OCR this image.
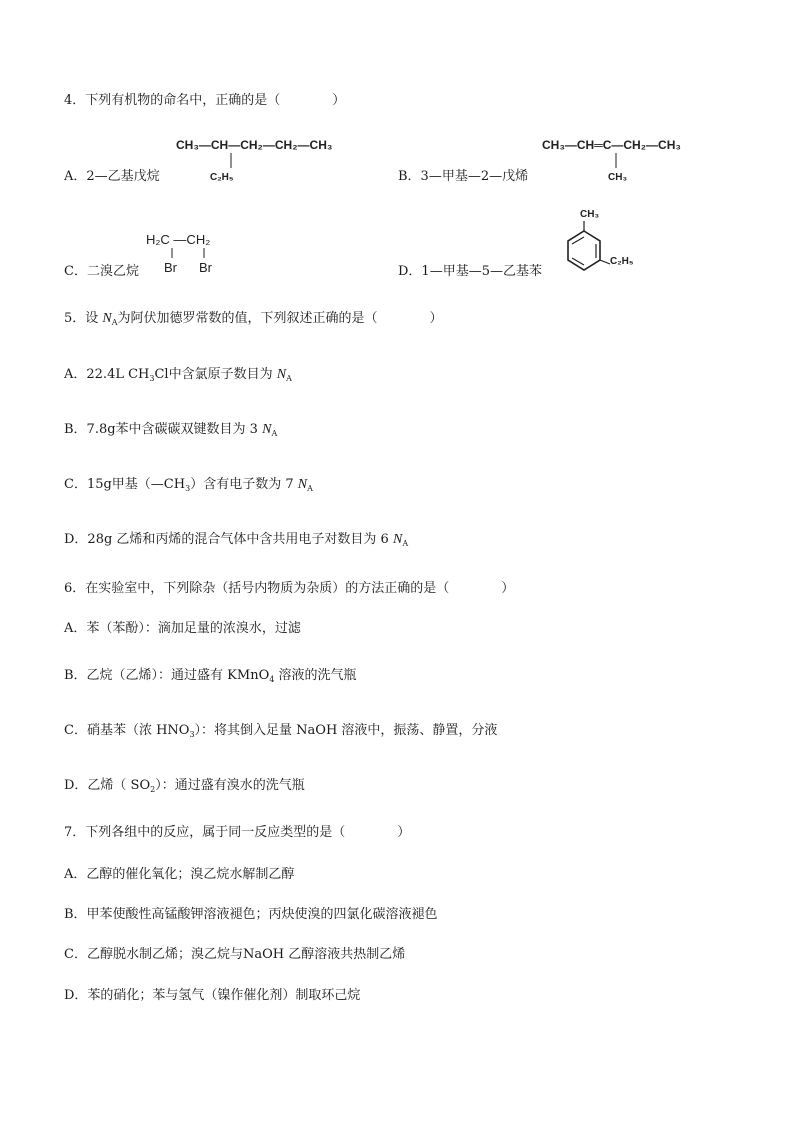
4．下列有机物的命名中，正确的是（　　　　）
CH₃—CH—CH₂—CH₂—CH₃
C₂H₅
A．2—乙基戊烷
CH₃—CH═C—CH₂—CH₃
CH₃
B．3—甲基—2—戊烯
H₂C —CH₂
Br Br
C．二溴乙烷
CH₃
C₂H₅
D．1—甲基—5—乙基苯
5．设 $N_A$为阿伏加德罗常数的值，下列叙述正确的是（　　　　）
A．22.4L $CH_3Cl$中含氯原子数目为 $N_A$
B．7.8g苯中含碳碳双键数目为 3 $N_A$
C．15g甲基$(—CH_3)$含有电子数为 7 $N_A$
D．28g 乙烯和丙烯的混合气体中含共用电子对数目为 6 $N_A$
6．在实验室中，下列除杂（括号内物质为杂质）的方法正确的是（　　　　）
A．苯（苯酚）：滴加足量的浓溴水，过滤
B．乙烷（乙烯）：通过盛有 KMnO$_4$ 溶液的洗气瓶
C．硝基苯（浓 $HNO_3$）：将其倒入足量 NaOH 溶液中，振荡、静置，分液
D．乙烯（ $SO_2$）：通过盛有溴水的洗气瓶
7．下列各组中的反应，属于同一反应类型的是（　　　　）
A．乙醇的催化氧化；溴乙烷水解制乙醇
B．甲苯使酸性高锰酸钾溶液褪色；丙炔使溴的四氯化碳溶液褪色
C．乙醇脱水制乙烯；溴乙烷与NaOH 乙醇溶液共热制乙烯
D．苯的硝化；苯与氢气（镍作催化剂）制取环己烷
